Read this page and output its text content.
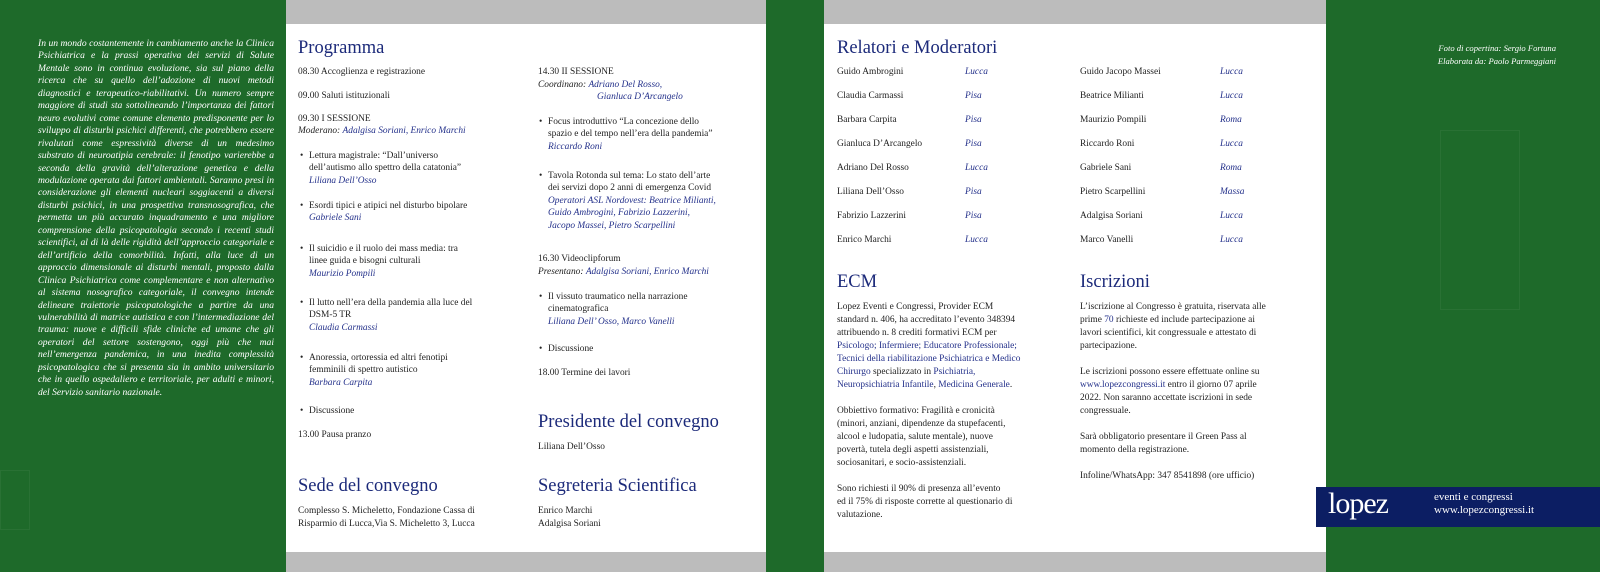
In un mondo costantemente in cambiamento anche la Clinica Psichiatrica e la prassi operativa dei servizi di Salute Mentale sono in continua evoluzione, sia sul piano della ricerca che su quello dell’adozione di nuovi metodi diagnostici e terapeutico-riabilitativi. Un numero sempre maggiore di studi sta sottolineando l’importanza dei fattori neuro evolutivi come comune elemento predisponente per lo sviluppo di disturbi psichici differenti, che potrebbero essere rivalutati come espressività diverse di un medesimo substrato di neuroatipia cerebrale: il fenotipo varierebbe a seconda della gravità dell’alterazione genetica e della modulazione operata dai fattori ambientali. Saranno presi in considerazione gli elementi nucleari soggiacenti a diversi disturbi psichici, in una prospettiva transnosografica, che permetta un più accurato inquadramento e una migliore comprensione della psicopatologia secondo i recenti studi scientifici, al di là delle rigidità dell’approccio categoriale e dell’artificio della comorbilità. Infatti, alla luce di un approccio dimensionale ai disturbi mentali, proposto dalla Clinica Psichiatrica come complementare e non alternativo al sistema nosografico categoriale, il convegno intende delineare traiettorie psicopatologiche a partire da una vulnerabilità di matrice autistica e con l’intermediazione del trauma: nuove e difficili sfide cliniche ed umane che gli operatori del settore sostengono, oggi più che mai nell’emergenza pandemica, in una inedita complessità psicopatologica che si presenta sia in ambito universitario che in quello ospedaliero e territoriale, per adulti e minori, del Servizio sanitario nazionale.
Programma
08.30 Accoglienza e registrazione
09.00 Saluti istituzionali
09.30 I SESSIONE
Moderano: Adalgisa Soriani, Enrico Marchi
• Lettura magistrale: “Dall’universo
dell’autismo allo spettro della catatonia”
Liliana Dell’Osso
• Esordi tipici e atipici nel disturbo bipolare
Gabriele Sani
• Il suicidio e il ruolo dei mass media: tra
linee guida e bisogni culturali
Maurizio Pompili
• Il lutto nell’era della pandemia alla luce del
DSM-5 TR
Claudia Carmassi
• Anoressia, ortoressia ed altri fenotipi
femminili di spettro autistico
Barbara Carpita
• Discussione
13.00 Pausa pranzo
14.30 II SESSIONE
Coordinano: Adriano Del Rosso,
Gianluca D’Arcangelo
• Focus introduttivo “La concezione dello
spazio e del tempo nell’era della pandemia”
Riccardo Roni
• Tavola Rotonda sul tema: Lo stato dell’arte
dei servizi dopo 2 anni di emergenza Covid
Operatori ASL Nordovest: Beatrice Milianti,
Guido Ambrogini, Fabrizio Lazzerini,
Jacopo Massei, Pietro Scarpellini
16.30 Videoclipforum
Presentano: Adalgisa Soriani, Enrico Marchi
• Il vissuto traumatico nella narrazione
cinematografica
Liliana Dell’ Osso, Marco Vanelli
• Discussione
18.00 Termine dei lavori
Presidente del convegno
Liliana Dell’Osso
Sede del convegno
Complesso S. Micheletto, Fondazione Cassa di
Risparmio di Lucca,Via S. Micheletto 3, Lucca
Segreteria Scientifica
Enrico Marchi
Adalgisa Soriani
Relatori e Moderatori
Guido Ambrogini	Lucca
Claudia Carmassi	Pisa
Barbara Carpita	Pisa
Gianluca D’Arcangelo	Pisa
Adriano Del Rosso	Lucca
Liliana Dell’Osso	Pisa
Fabrizio Lazzerini	Pisa
Enrico Marchi	Lucca
Guido Jacopo Massei	Lucca
Beatrice Milianti	Lucca
Maurizio Pompili	Roma
Riccardo Roni	Lucca
Gabriele Sani	Roma
Pietro Scarpellini	Massa
Adalgisa Soriani	Lucca
Marco Vanelli	Lucca
ECM
Lopez Eventi e Congressi, Provider ECM
standard n. 406, ha accreditato l’evento 348394
attribuendo n. 8 crediti formativi ECM per
Psicologo; Infermiere; Educatore Professionale;
Tecnici della riabilitazione Psichiatrica e Medico
Chirurgo specializzato in Psichiatria,
Neuropsichiatria Infantile, Medicina Generale.
Obbiettivo formativo: Fragilità e cronicità
(minori, anziani, dipendenze da stupefacenti,
alcool e ludopatia, salute mentale), nuove
povertà, tutela degli aspetti assistenziali,
sociosanitari, e socio-assistenziali.
Sono richiesti il 90% di presenza all’evento
ed il 75% di risposte corrette al questionario di
valutazione.
Iscrizioni
L’iscrizione al Congresso è gratuita, riservata alle
prime 70 richieste ed include partecipazione ai
lavori scientifici, kit congressuale e attestato di
partecipazione.
Le iscrizioni possono essere effettuate online su
www.lopezcongressi.it entro il giorno 07 aprile
2022. Non saranno accettate iscrizioni in sede
congressuale.
Sarà obbligatorio presentare il Green Pass al
momento della registrazione.
Infoline/WhatsApp: 347 8541898 (ore ufficio)
Foto di copertina: Sergio Fortuna
Elaborata da: Paolo Parmeggiani
lopez	eventi e congressi
www.lopezcongressi.it
